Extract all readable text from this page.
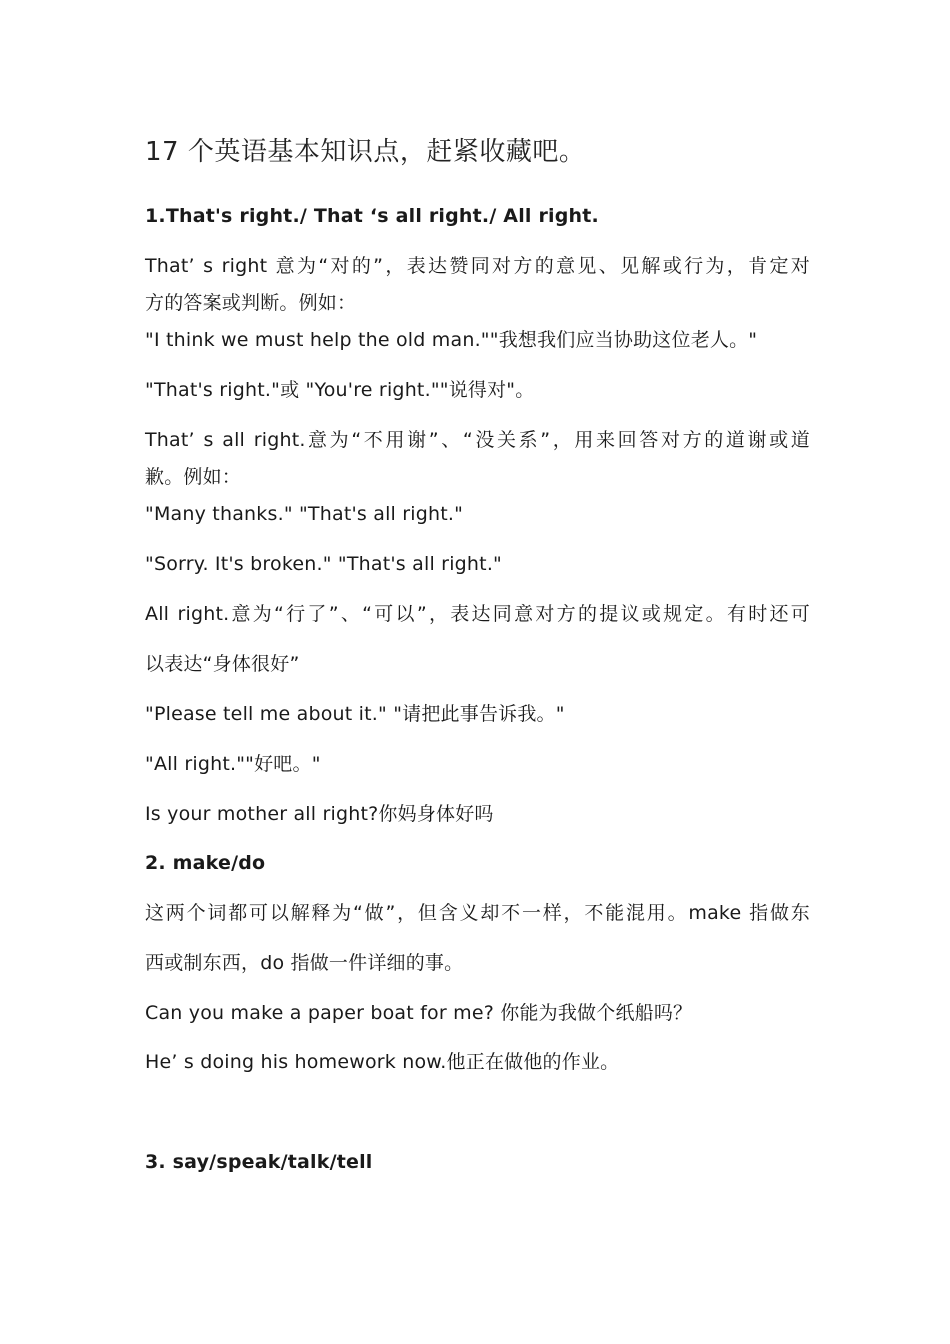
17 个英语基本知识点，赶紧收藏吧。
1.That's right./ That ‘s all right./ All right.
That’ s right 意为“对的”，表达赞同对方的意见、见解或行为，肯定对
方的答案或判断。例如：
"I think we must help the old man.""我想我们应当协助这位老人。"
"That's right."或 "You're right.""说得对"。
That’ s all right.意为“不用谢”、“没关系”，用来回答对方的道谢或道
歉。例如：
"Many thanks." "That's all right."
"Sorry. It's broken." "That's all right."
All right.意为“行了”、“可以”，表达同意对方的提议或规定。有时还可
以表达“身体很好”
"Please tell me about it." "请把此事告诉我。"
"All right.""好吧。"
Is your mother all right?你妈身体好吗
2. make/do
这两个词都可以解释为“做”，但含义却不一样，不能混用。make 指做东
西或制东西，do 指做一件详细的事。
Can you make a paper boat for me? 你能为我做个纸船吗？
He’ s doing his homework now.他正在做他的作业。
3. say/speak/talk/tell
